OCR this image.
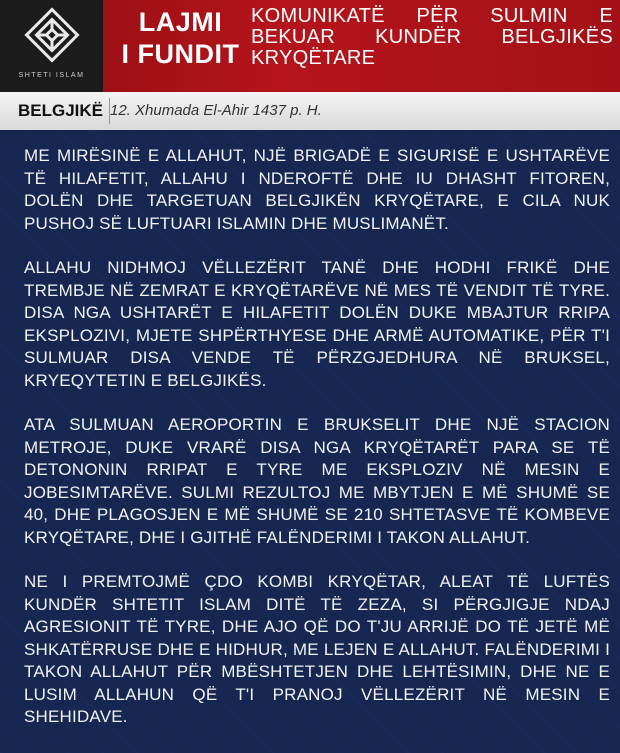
SHTETI ISLAM
LAJMI
I FUNDIT
KOMUNIKATË PËR SULMIN E BEKUAR KUNDËR BELGJIKËS KRYQËTARE
BELGJIKË 12. Xhumada El-Ahir 1437 p. H.

ME MIRËSINË E ALLAHUT, NJË BRIGADË E SIGURISË E USHTARËVE TË HILAFETIT, ALLAHU I NDEROFTË DHE IU DHASHT FITOREN, DOLËN DHE TARGETUAN BELGJIKËN KRYQËTARE, E CILA NUK PUSHOJ SË LUFTUARI ISLAMIN DHE MUSLIMANËT.

ALLAHU NIDHMOJ VËLLEZËRIT TANË DHE HODHI FRIKË DHE TREMBJE NË ZEMRAT E KRYQËTARËVE NË MES TË VENDIT TË TYRE. DISA NGA USHTARËT E HILAFETIT DOLËN DUKE MBAJTUR RRIPA EKSPLOZIVI, MJETE SHPËRTHYESE DHE ARMË AUTOMATIKE, PËR T'I SULMUAR DISA VENDE TË PËRZGJEDHURA NË BRUKSEL, KRYEQYTETIN E BELGJIKËS.

ATA SULMUAN AEROPORTIN E BRUKSELIT DHE NJË STACION METROJE, DUKE VRARË DISA NGA KRYQËTARËT PARA SE TË DETONONIN RRIPAT E TYRE ME EKSPLOZIV NË MESIN E JOBESIMTARËVE. SULMI REZULTOJ ME MBYTJEN E MË SHUMË SE 40, DHE PLAGOSJEN E MË SHUMË SE 210 SHTETASVE TË KOMBEVE KRYQËTARE, DHE I GJITHË FALËNDERIMI I TAKON ALLAHUT.

NE I PREMTOJMË ÇDO KOMBI KRYQËTAR, ALEAT TË LUFTËS KUNDËR SHTETIT ISLAM DITË TË ZEZA, SI PËRGJIGJE NDAJ AGRESIONIT TË TYRE, DHE AJO QË DO T'JU ARRIJË DO TË JETË MË SHKATËRRUSE DHE E HIDHUR, ME LEJEN E ALLAHUT. FALËNDERIMI I TAKON ALLAHUT PËR MBËSHTETJEN DHE LEHTËSIMIN, DHE NE E LUSIM ALLAHUN QË T'I PRANOJ VËLLEZËRIT NË MESIN E SHEHIDAVE.
